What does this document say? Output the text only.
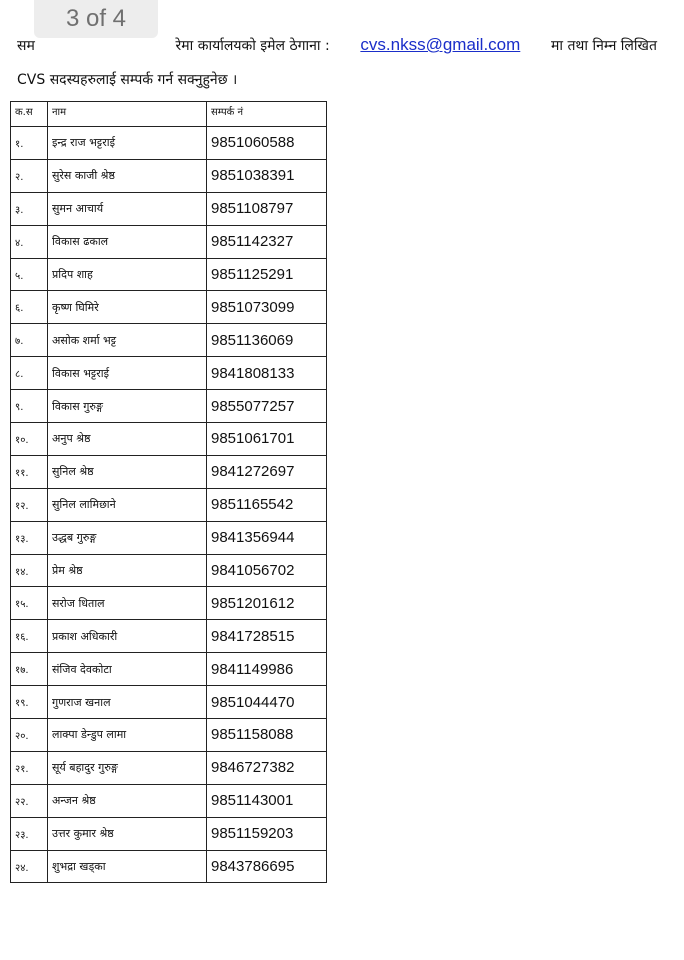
3 of 4
सम	रेमा कार्यालयको इमेल ठेगाना : cvs.nkss@gmail.com मा तथा निम्न लिखित
CVS सदस्यहरुलाई सम्पर्क गर्न सक्नुहुनेछ ।
क.स	नाम	सम्पर्क नं
१.	इन्द्र राज भट्टराई	9851060588
२.	सुरेस काजी श्रेष्ठ	9851038391
३.	सुमन आचार्य	9851108797
४.	विकास ढकाल	9851142327
५.	प्रदिप शाह	9851125291
६.	कृष्ण घिमिरे	9851073099
७.	असोक शर्मा भट्ट	9851136069
८.	विकास भट्टराई	9841808133
९.	विकास गुरुङ्ग	9855077257
१०.	अनुप श्रेष्ठ	9851061701
११.	सुनिल श्रेष्ठ	9841272697
१२.	सुनिल लामिछाने	9851165542
१३.	उद्धब गुरुङ्ग	9841356944
१४.	प्रेम श्रेष्ठ	9841056702
१५.	सरोज धिताल	9851201612
१६.	प्रकाश अधिकारी	9841728515
१७.	संजिव देवकोटा	9841149986
१९.	गुणराज खनाल	9851044470
२०.	लाक्पा डेन्डुप लामा	9851158088
२१.	सूर्य बहादुर गुरुङ्ग	9846727382
२२.	अन्जन श्रेष्ठ	9851143001
२३.	उत्तर कुमार श्रेष्ठ	9851159203
२४.	शुभद्रा खड्का	9843786695
